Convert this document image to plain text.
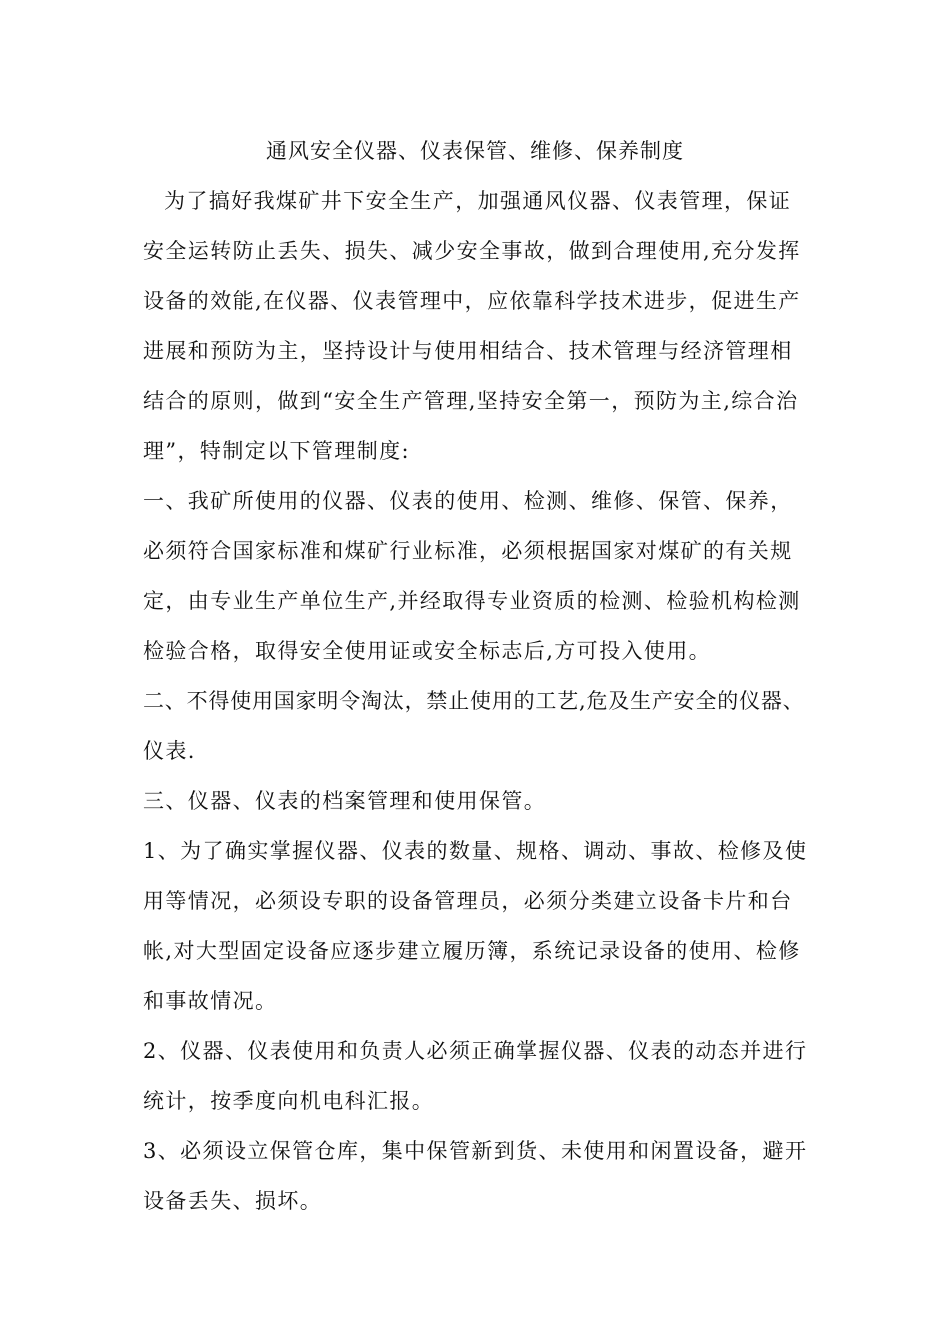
通风安全仪器、仪表保管、维修、保养制度
为了搞好我煤矿井下安全生产，加强通风仪器、仪表管理，保证
安全运转防止丢失、损失、减少安全事故，做到合理使用,充分发挥
设备的效能,在仪器、仪表管理中，应依靠科学技术进步，促进生产
进展和预防为主，坚持设计与使用相结合、技术管理与经济管理相
结合的原则，做到“安全生产管理,坚持安全第一，预防为主,综合治
理”，特制定以下管理制度:
一、我矿所使用的仪器、仪表的使用、检测、维修、保管、保养，
必须符合国家标准和煤矿行业标准，必须根据国家对煤矿的有关规
定，由专业生产单位生产,并经取得专业资质的检测、检验机构检测
检验合格，取得安全使用证或安全标志后,方可投入使用。
二、不得使用国家明令淘汰，禁止使用的工艺,危及生产安全的仪器、
仪表.
三、仪器、仪表的档案管理和使用保管。
1、为了确实掌握仪器、仪表的数量、规格、调动、事故、检修及使
用等情况，必须设专职的设备管理员，必须分类建立设备卡片和台
帐,对大型固定设备应逐步建立履历簿，系统记录设备的使用、检修
和事故情况。
2、仪器、仪表使用和负责人必须正确掌握仪器、仪表的动态并进行
统计，按季度向机电科汇报。
3、必须设立保管仓库，集中保管新到货、未使用和闲置设备，避开
设备丢失、损坏。
